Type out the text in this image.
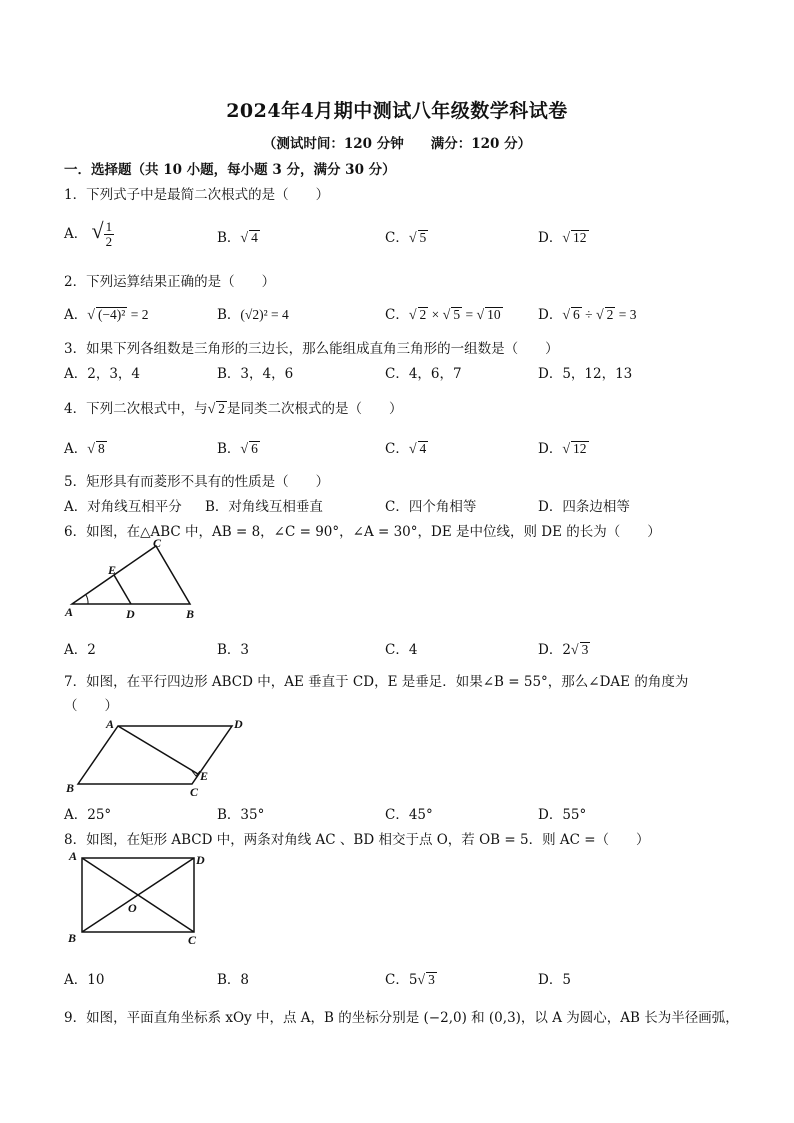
2024年4月期中测试八年级数学科试卷
（测试时间：120 分钟　　满分：120 分）
一．选择题（共 10 小题，每小题 3 分，满分 30 分）
1．下列式子中是最简二次根式的是（　　）
A． √ $\frac{1}{2}$	B．√ 4	C．√ 5	D．√ 12
2．下列运算结果正确的是（　　）
A．√ (−4)² = 2	B．(√2)² = 4	C．√ 2 × √ 5 = √ 10	D．√ 6 ÷ √ 2 = 3
3．如果下列各组数是三角形的三边长，那么能组成直角三角形的一组数是（　　）
A．2，3，4	B．3，4，6	C．4，6，7	D．5，12，13
4．下列二次根式中，与√ 2 是同类二次根式的是（　　）
A．√ 8	B．√ 6	C．√ 4	D．√ 12
5．矩形具有而菱形不具有的性质是（　　）
A．对角线互相平分 B．对角线互相垂直	C．四个角相等	D．四条边相等
6．如图，在△ABC 中，AB = 8，∠C = 90°，∠A = 30°，DE 是中位线，则 DE 的长为（　　）
C
E
A	D	B
A．2	B．3	C．4	D．2√ 3
7．如图，在平行四边形 ABCD 中，AE 垂直于 CD，E 是垂足．如果∠B = 55°，那么∠DAE 的角度为
（　　）
A	D
B	C
E
A．25°	B．35°	C．45°	D．55°
8．如图，在矩形 ABCD 中，两条对角线 AC 、BD 相交于点 O，若 OB = 5．则 AC =（　　）
A	D
O
B	C
A．10	B．8	C．5√ 3	D．5
9．如图，平面直角坐标系 xOy 中，点 A，B 的坐标分别是 (−2,0) 和 (0,3)，以 A 为圆心，AB 长为半径画弧，
